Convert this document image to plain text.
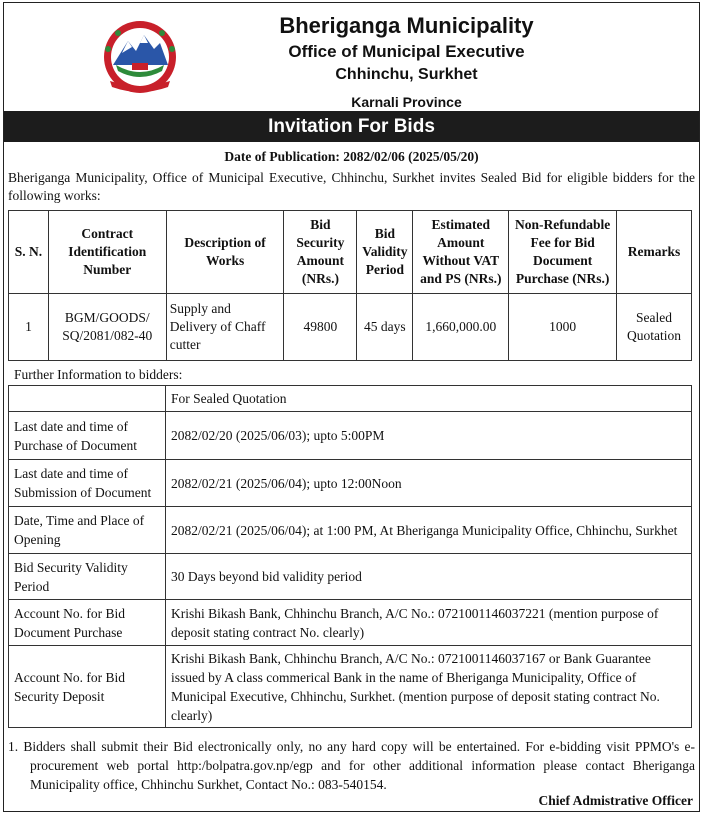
Bheriganga Municipality
Office of Municipal Executive
Chhinchu, Surkhet
Karnali Province
Invitation For Bids
Date of Publication: 2082/02/06 (2025/05/20)
Bheriganga Municipality, Office of Municipal Executive, Chhinchu, Surkhet invites Sealed Bid for eligible bidders for the following works:
S. N.	Contract Identification Number	Description of Works	Bid Security Amount (NRs.)	Bid Validity Period	Estimated Amount Without VAT and PS (NRs.)	Non-Refundable Fee for Bid Document Purchase (NRs.)	Remarks
1	BGM/GOODS/ SQ/2081/082-40	Supply and Delivery of Chaff cutter	49800	45 days	1,660,000.00	1000	Sealed Quotation
Further Information to bidders:
	For Sealed Quotation
Last date and time of Purchase of Document	2082/02/20 (2025/06/03); upto 5:00PM
Last date and time of Submission of Document	2082/02/21 (2025/06/04); upto 12:00Noon
Date, Time and Place of Opening	2082/02/21 (2025/06/04); at 1:00 PM, At Bheriganga Municipality Office, Chhinchu, Surkhet
Bid Security Validity Period	30 Days beyond bid validity period
Account No. for Bid Document Purchase	Krishi Bikash Bank, Chhinchu Branch, A/C No.: 0721001146037221 (mention purpose of deposit stating contract No. clearly)
Account No. for Bid Security Deposit	Krishi Bikash Bank, Chhinchu Branch, A/C No.: 0721001146037167 or Bank Guarantee issued by A class commerical Bank in the name of Bheriganga Municipality, Office of Municipal Executive, Chhinchu, Surkhet. (mention purpose of deposit stating contract No. clearly)
1. Bidders shall submit their Bid electronically only, no any hard copy will be entertained. For e-bidding visit PPMO's e-procurement web portal http:/bolpatra.gov.np/egp and for other additional information please contact Bheriganga Municipality office, Chhinchu Surkhet, Contact No.: 083-540154.
Chief Admistrative Officer
